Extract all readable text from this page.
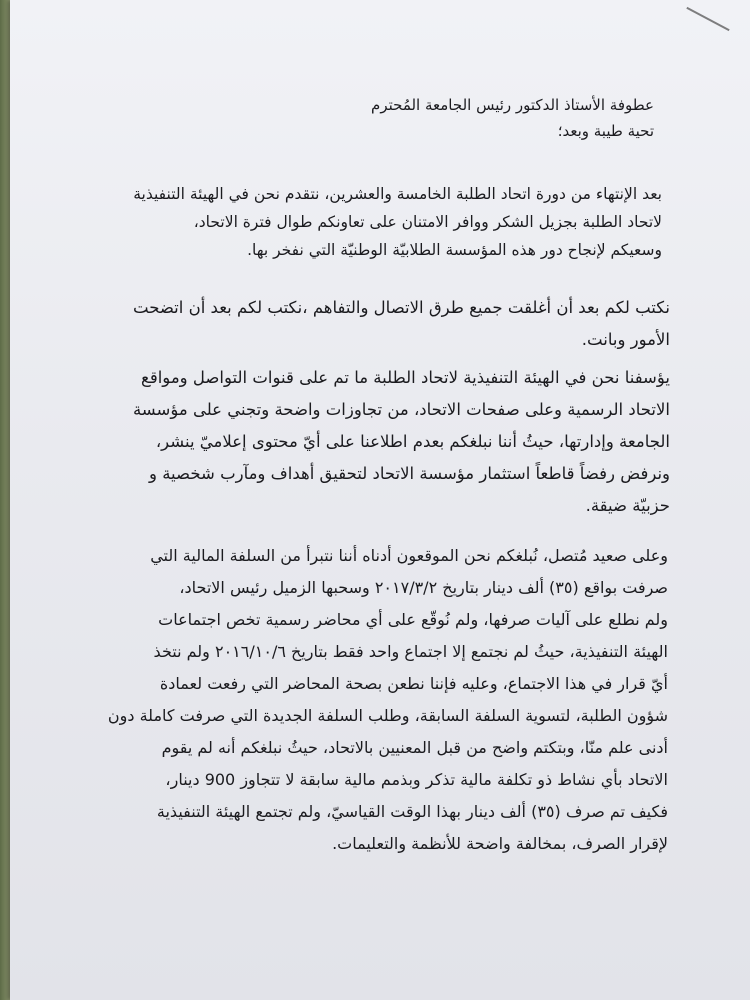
عطوفة الأستاذ الدكتور رئيس الجامعة المُحترم
تحية طيبة وبعد؛
بعد الإنتهاء من دورة اتحاد الطلبة الخامسة والعشرين، نتقدم نحن في الهيئة التنفيذية
لاتحاد الطلبة بجزيل الشكر ووافر الامتنان على تعاونكم طوال فترة الاتحاد،
وسعيكم لإنجاح دور هذه المؤسسة الطلابيّة الوطنيّة التي نفخر بها.
نكتب لكم بعد أن أغلقت جميع طرق الاتصال والتفاهم ،نكتب لكم بعد أن اتضحت
الأمور وبانت.
يؤسفنا نحن في الهيئة التنفيذية لاتحاد الطلبة ما تم على قنوات التواصل ومواقع
الاتحاد الرسمية وعلى صفحات الاتحاد، من تجاوزات واضحة وتجني على مؤسسة
الجامعة وإدارتها، حيثُ أننا نبلغكم بعدم اطلاعنا على أيّ محتوى إعلاميّ ينشر،
ونرفض رفضاً قاطعاً استثمار مؤسسة الاتحاد لتحقيق أهداف ومآرب شخصية و
حزبيّة ضيقة.
وعلى صعيد مُتصل، نُبلغكم نحن الموقعون أدناه أننا نتبرأ من السلفة المالية التي
صرفت بواقع (٣٥) ألف دينار بتاريخ ٢٠١٧/٣/٢ وسحبها الزميل رئيس الاتحاد،
ولم نطلع على آليات صرفها، ولم نُوقّع على أي محاضر رسمية تخص اجتماعات
الهيئة التنفيذية، حيثُ لم نجتمع إلا اجتماع واحد فقط بتاريخ ٢٠١٦/١٠/٦ ولم نتخذ
أيّ قرار في هذا الاجتماع، وعليه فإننا نطعن بصحة المحاضر التي رفعت لعمادة
شؤون الطلبة، لتسوية السلفة السابقة، وطلب السلفة الجديدة التي صرفت كاملة دون
أدنى علم منّا، وبتكتم واضح من قبل المعنيين بالاتحاد، حيثُ نبلغكم أنه لم يقوم
الاتحاد بأي نشاط ذو تكلفة مالية تذكر وبذمم مالية سابقة لا تتجاوز 900 دينار،
فكيف تم صرف (٣٥) ألف دينار بهذا الوقت القياسيّ، ولم تجتمع الهيئة التنفيذية
لإقرار الصرف، بمخالفة واضحة للأنظمة والتعليمات.
